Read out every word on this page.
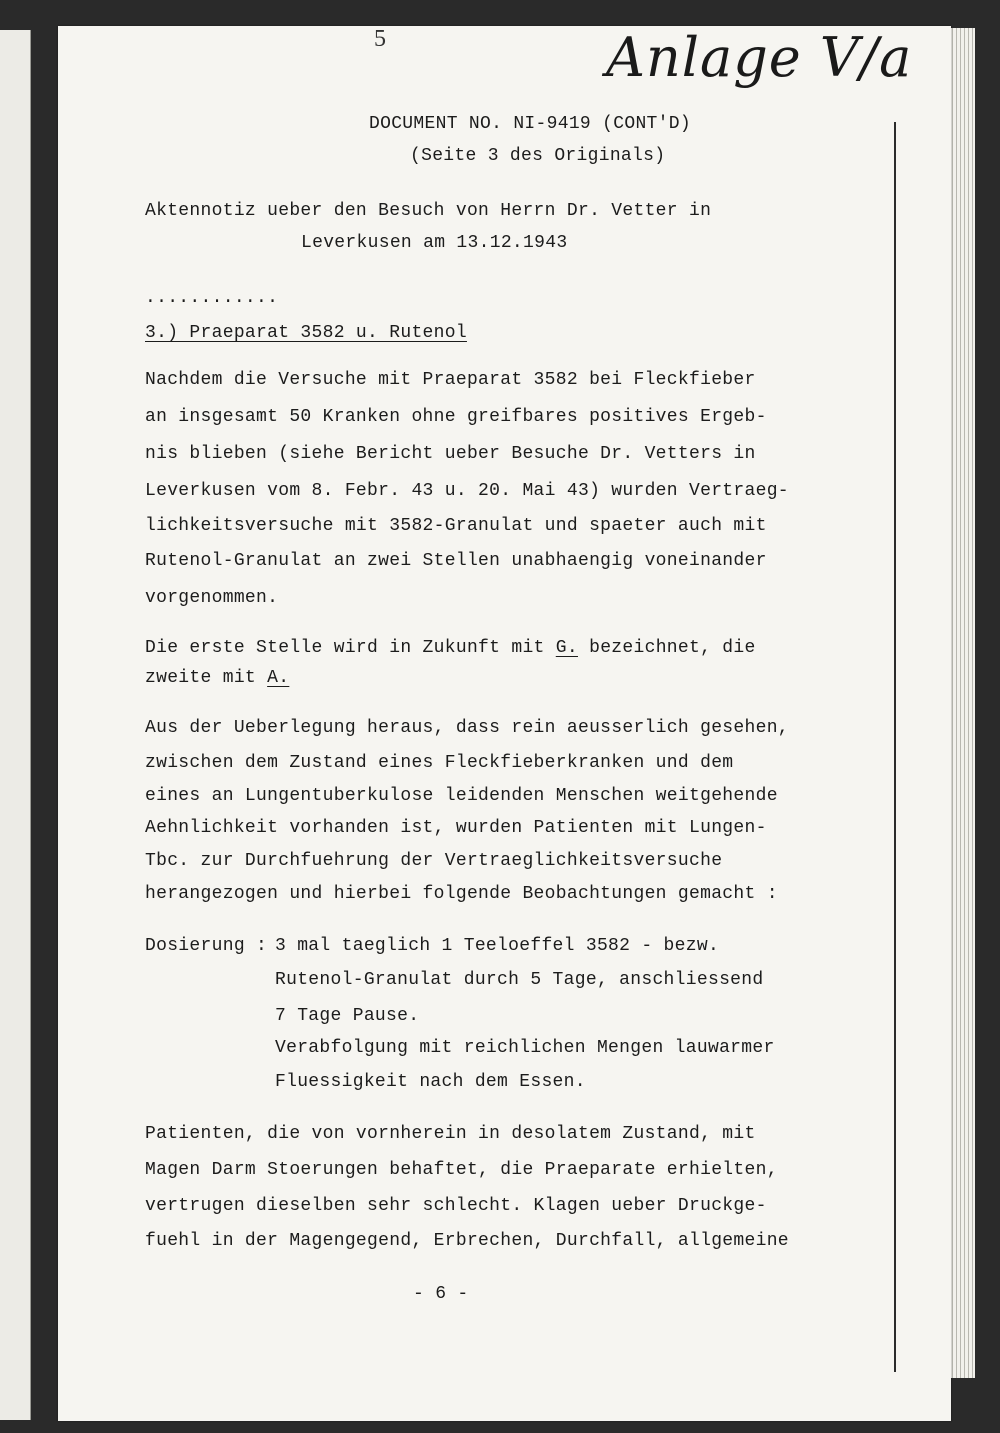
5	Anlage V/a
DOCUMENT NO. NI-9419 (CONT'D)
(Seite 3 des Originals)
Aktennotiz ueber den Besuch von Herrn Dr. Vetter in
Leverkusen am 13.12.1943
............
3.) Praeparat 3582 u. Rutenol
Nachdem die Versuche mit Praeparat 3582 bei Fleckfieber
an insgesamt 50 Kranken ohne greifbares positives Ergeb-
nis blieben (siehe Bericht ueber Besuche Dr. Vetters in
Leverkusen vom 8. Febr. 43 u. 20. Mai 43) wurden Vertraeg-
lichkeitsversuche mit 3582-Granulat und spaeter auch mit
Rutenol-Granulat an zwei Stellen unabhaengig voneinander
vorgenommen.
Die erste Stelle wird in Zukunft mit G. bezeichnet, die
zweite mit A.
Aus der Ueberlegung heraus, dass rein aeusserlich gesehen,
zwischen dem Zustand eines Fleckfieberkranken und dem
eines an Lungentuberkulose leidenden Menschen weitgehende
Aehnlichkeit vorhanden ist, wurden Patienten mit Lungen-
Tbc. zur Durchfuehrung der Vertraeglichkeitsversuche
herangezogen und hierbei folgende Beobachtungen gemacht :
Dosierung : 3 mal taeglich 1 Teeloeffel 3582 - bezw.
Rutenol-Granulat durch 5 Tage, anschliessend
7 Tage Pause.
Verabfolgung mit reichlichen Mengen lauwarmer
Fluessigkeit nach dem Essen.
Patienten, die von vornherein in desolatem Zustand, mit
Magen Darm Stoerungen behaftet, die Praeparate erhielten,
vertrugen dieselben sehr schlecht. Klagen ueber Druckge-
fuehl in der Magengegend, Erbrechen, Durchfall, allgemeine
- 6 -
